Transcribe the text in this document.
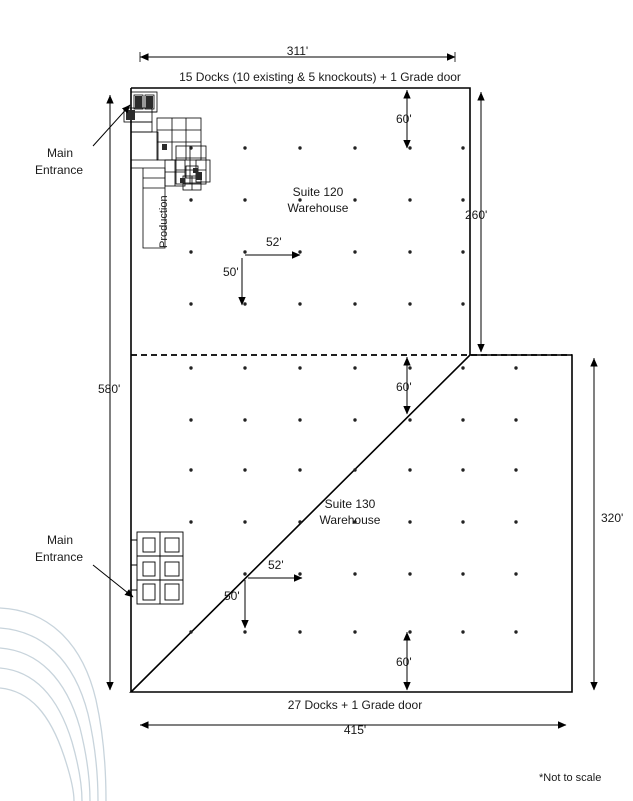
311'
15 Docks (10 existing & 5 knockouts) + 1 Grade door
Suite 120
Warehouse
Suite 130
Warehouse
Main
Entrance
Main
Entrance
Production
580'
260'
320'
60'
60'
60'
52'
50'
52'
50'
27 Docks + 1 Grade door
415'
*Not to scale
